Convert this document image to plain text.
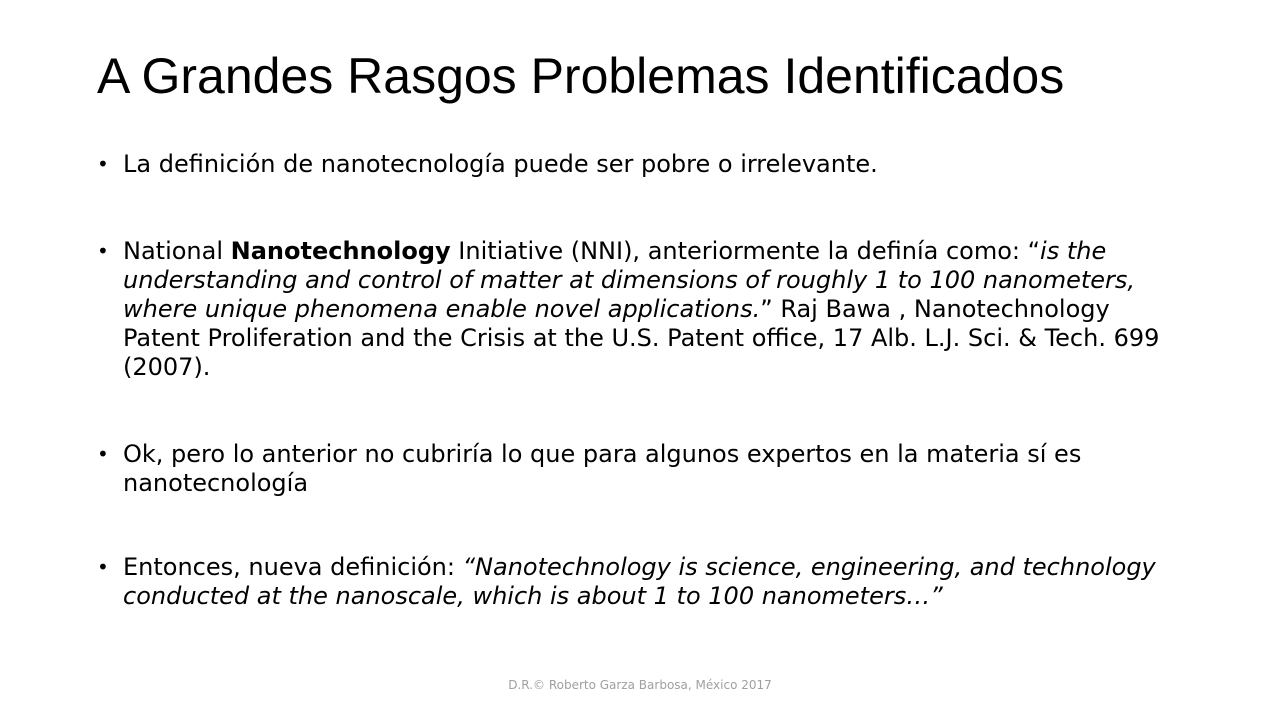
A Grandes Rasgos Problemas Identificados
• La definición de nanotecnología puede ser pobre o irrelevante.
• National Nanotechnology Initiative (NNI), anteriormente la definía como: “is the understanding and control of matter at dimensions of roughly 1 to 100 nanometers, where unique phenomena enable novel applications.” Raj Bawa , Nanotechnology Patent Proliferation and the Crisis at the U.S. Patent office, 17 Alb. L.J. Sci. & Tech. 699 (2007).
• Ok, pero lo anterior no cubriría lo que para algunos expertos en la materia sí es nanotecnología
• Entonces, nueva definición: “Nanotechnology is science, engineering, and technology conducted at the nanoscale, which is about 1 to 100 nanometers…”
D.R.© Roberto Garza Barbosa, México 2017
